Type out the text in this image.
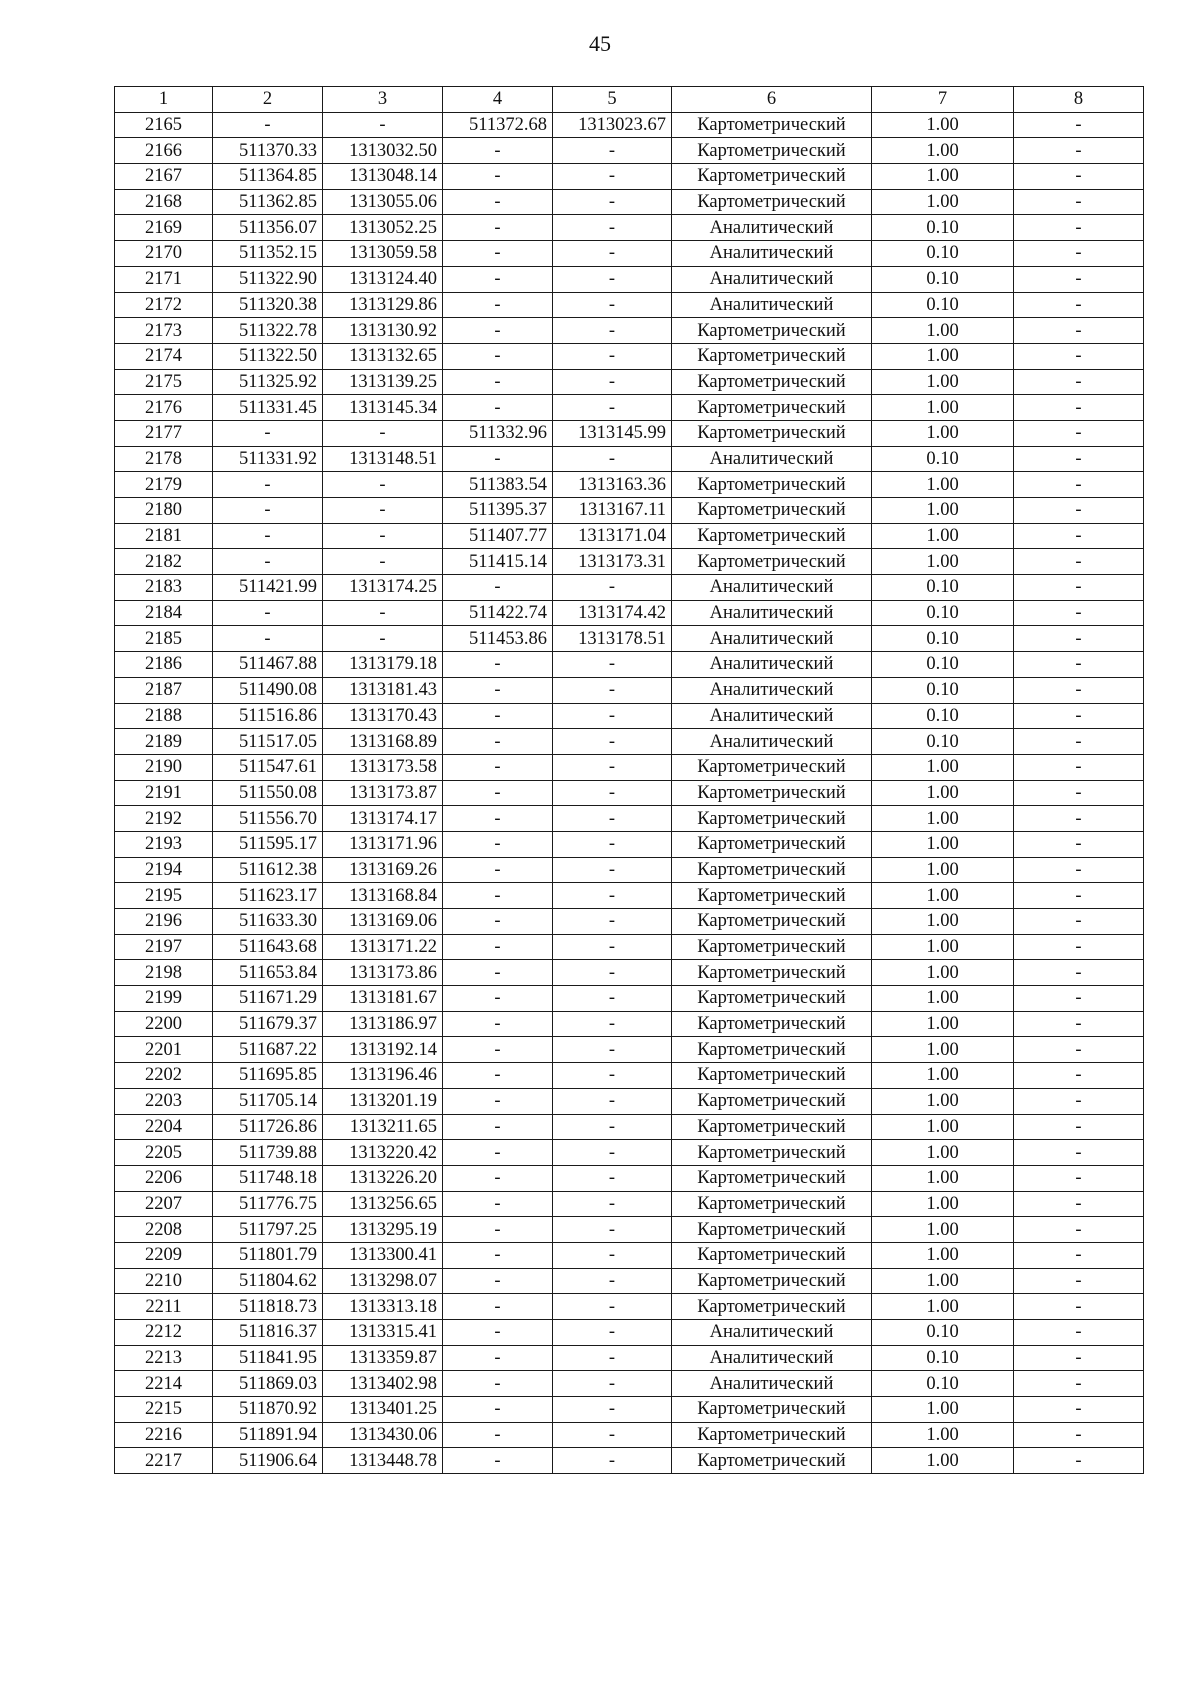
45
1	2	3	4	5	6	7	8
2165	-	-	511372.68	1313023.67	Картометрический	1.00	-
2166	511370.33	1313032.50	-	-	Картометрический	1.00	-
2167	511364.85	1313048.14	-	-	Картометрический	1.00	-
2168	511362.85	1313055.06	-	-	Картометрический	1.00	-
2169	511356.07	1313052.25	-	-	Аналитический	0.10	-
2170	511352.15	1313059.58	-	-	Аналитический	0.10	-
2171	511322.90	1313124.40	-	-	Аналитический	0.10	-
2172	511320.38	1313129.86	-	-	Аналитический	0.10	-
2173	511322.78	1313130.92	-	-	Картометрический	1.00	-
2174	511322.50	1313132.65	-	-	Картометрический	1.00	-
2175	511325.92	1313139.25	-	-	Картометрический	1.00	-
2176	511331.45	1313145.34	-	-	Картометрический	1.00	-
2177	-	-	511332.96	1313145.99	Картометрический	1.00	-
2178	511331.92	1313148.51	-	-	Аналитический	0.10	-
2179	-	-	511383.54	1313163.36	Картометрический	1.00	-
2180	-	-	511395.37	1313167.11	Картометрический	1.00	-
2181	-	-	511407.77	1313171.04	Картометрический	1.00	-
2182	-	-	511415.14	1313173.31	Картометрический	1.00	-
2183	511421.99	1313174.25	-	-	Аналитический	0.10	-
2184	-	-	511422.74	1313174.42	Аналитический	0.10	-
2185	-	-	511453.86	1313178.51	Аналитический	0.10	-
2186	511467.88	1313179.18	-	-	Аналитический	0.10	-
2187	511490.08	1313181.43	-	-	Аналитический	0.10	-
2188	511516.86	1313170.43	-	-	Аналитический	0.10	-
2189	511517.05	1313168.89	-	-	Аналитический	0.10	-
2190	511547.61	1313173.58	-	-	Картометрический	1.00	-
2191	511550.08	1313173.87	-	-	Картометрический	1.00	-
2192	511556.70	1313174.17	-	-	Картометрический	1.00	-
2193	511595.17	1313171.96	-	-	Картометрический	1.00	-
2194	511612.38	1313169.26	-	-	Картометрический	1.00	-
2195	511623.17	1313168.84	-	-	Картометрический	1.00	-
2196	511633.30	1313169.06	-	-	Картометрический	1.00	-
2197	511643.68	1313171.22	-	-	Картометрический	1.00	-
2198	511653.84	1313173.86	-	-	Картометрический	1.00	-
2199	511671.29	1313181.67	-	-	Картометрический	1.00	-
2200	511679.37	1313186.97	-	-	Картометрический	1.00	-
2201	511687.22	1313192.14	-	-	Картометрический	1.00	-
2202	511695.85	1313196.46	-	-	Картометрический	1.00	-
2203	511705.14	1313201.19	-	-	Картометрический	1.00	-
2204	511726.86	1313211.65	-	-	Картометрический	1.00	-
2205	511739.88	1313220.42	-	-	Картометрический	1.00	-
2206	511748.18	1313226.20	-	-	Картометрический	1.00	-
2207	511776.75	1313256.65	-	-	Картометрический	1.00	-
2208	511797.25	1313295.19	-	-	Картометрический	1.00	-
2209	511801.79	1313300.41	-	-	Картометрический	1.00	-
2210	511804.62	1313298.07	-	-	Картометрический	1.00	-
2211	511818.73	1313313.18	-	-	Картометрический	1.00	-
2212	511816.37	1313315.41	-	-	Аналитический	0.10	-
2213	511841.95	1313359.87	-	-	Аналитический	0.10	-
2214	511869.03	1313402.98	-	-	Аналитический	0.10	-
2215	511870.92	1313401.25	-	-	Картометрический	1.00	-
2216	511891.94	1313430.06	-	-	Картометрический	1.00	-
2217	511906.64	1313448.78	-	-	Картометрический	1.00	-
